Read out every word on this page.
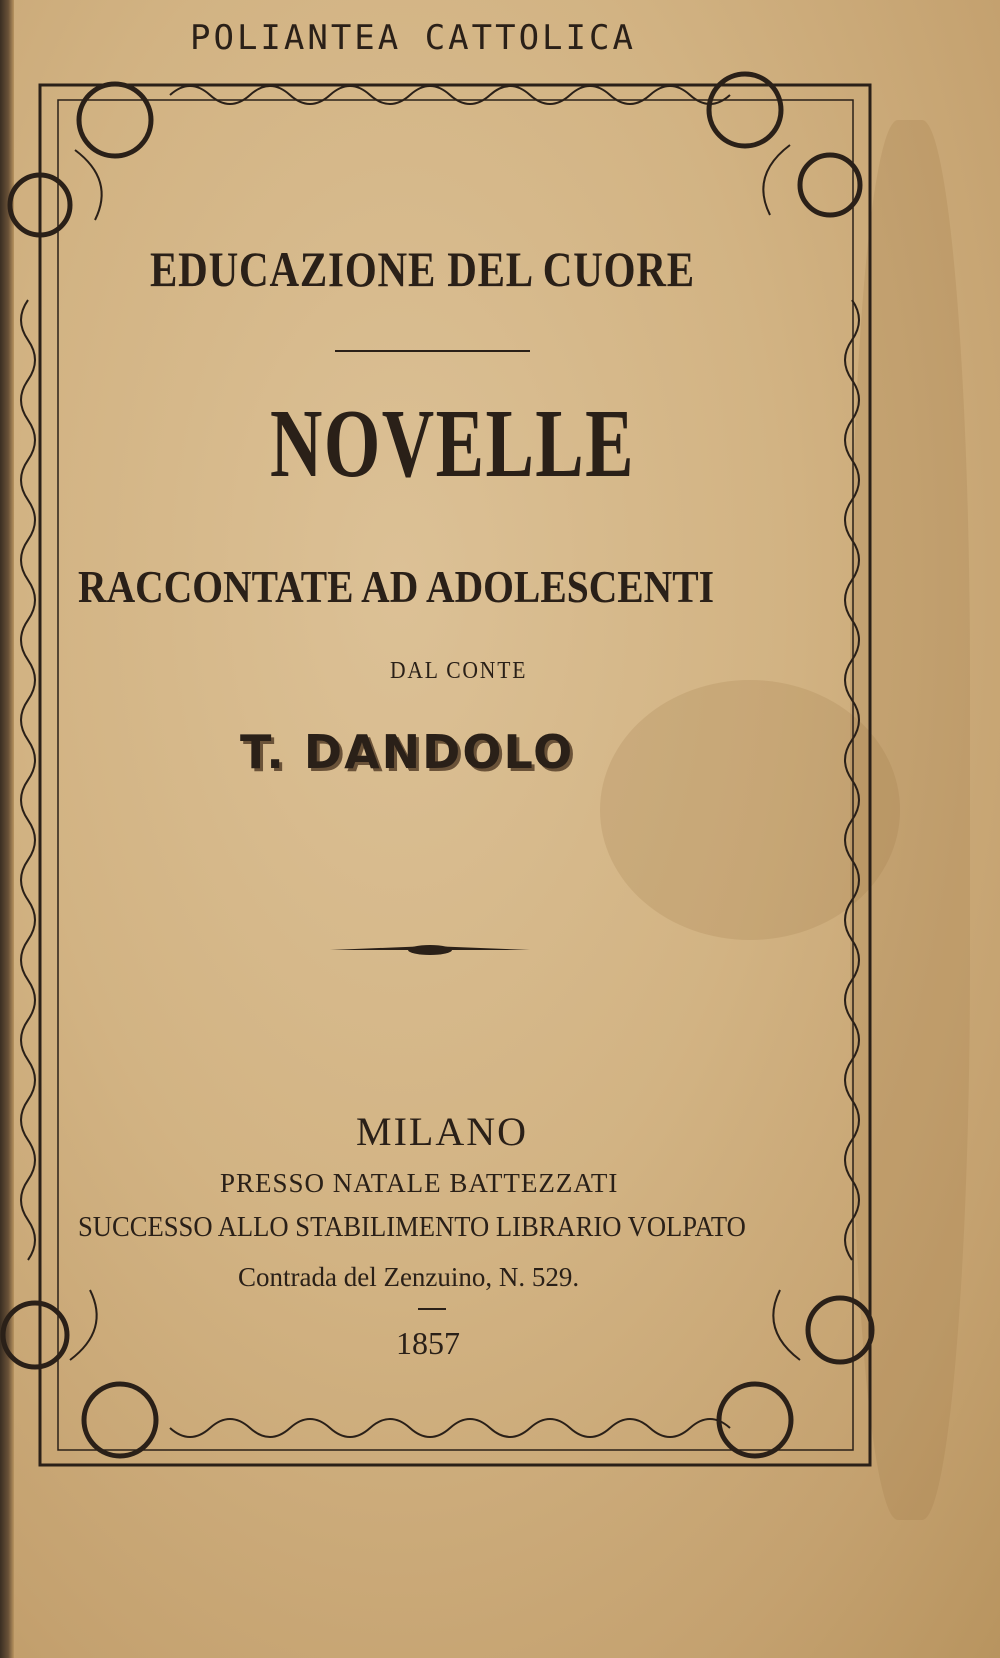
POLIANTEA CATTOLICA
EDUCAZIONE DEL CUORE
NOVELLE
RACCONTATE AD ADOLESCENTI
DAL CONTE
T. DANDOLO
MILANO
PRESSO NATALE BATTEZZATI
SUCCESSO ALLO STABILIMENTO LIBRARIO VOLPATO
Contrada del Zenzuino, N. 529.
1857
